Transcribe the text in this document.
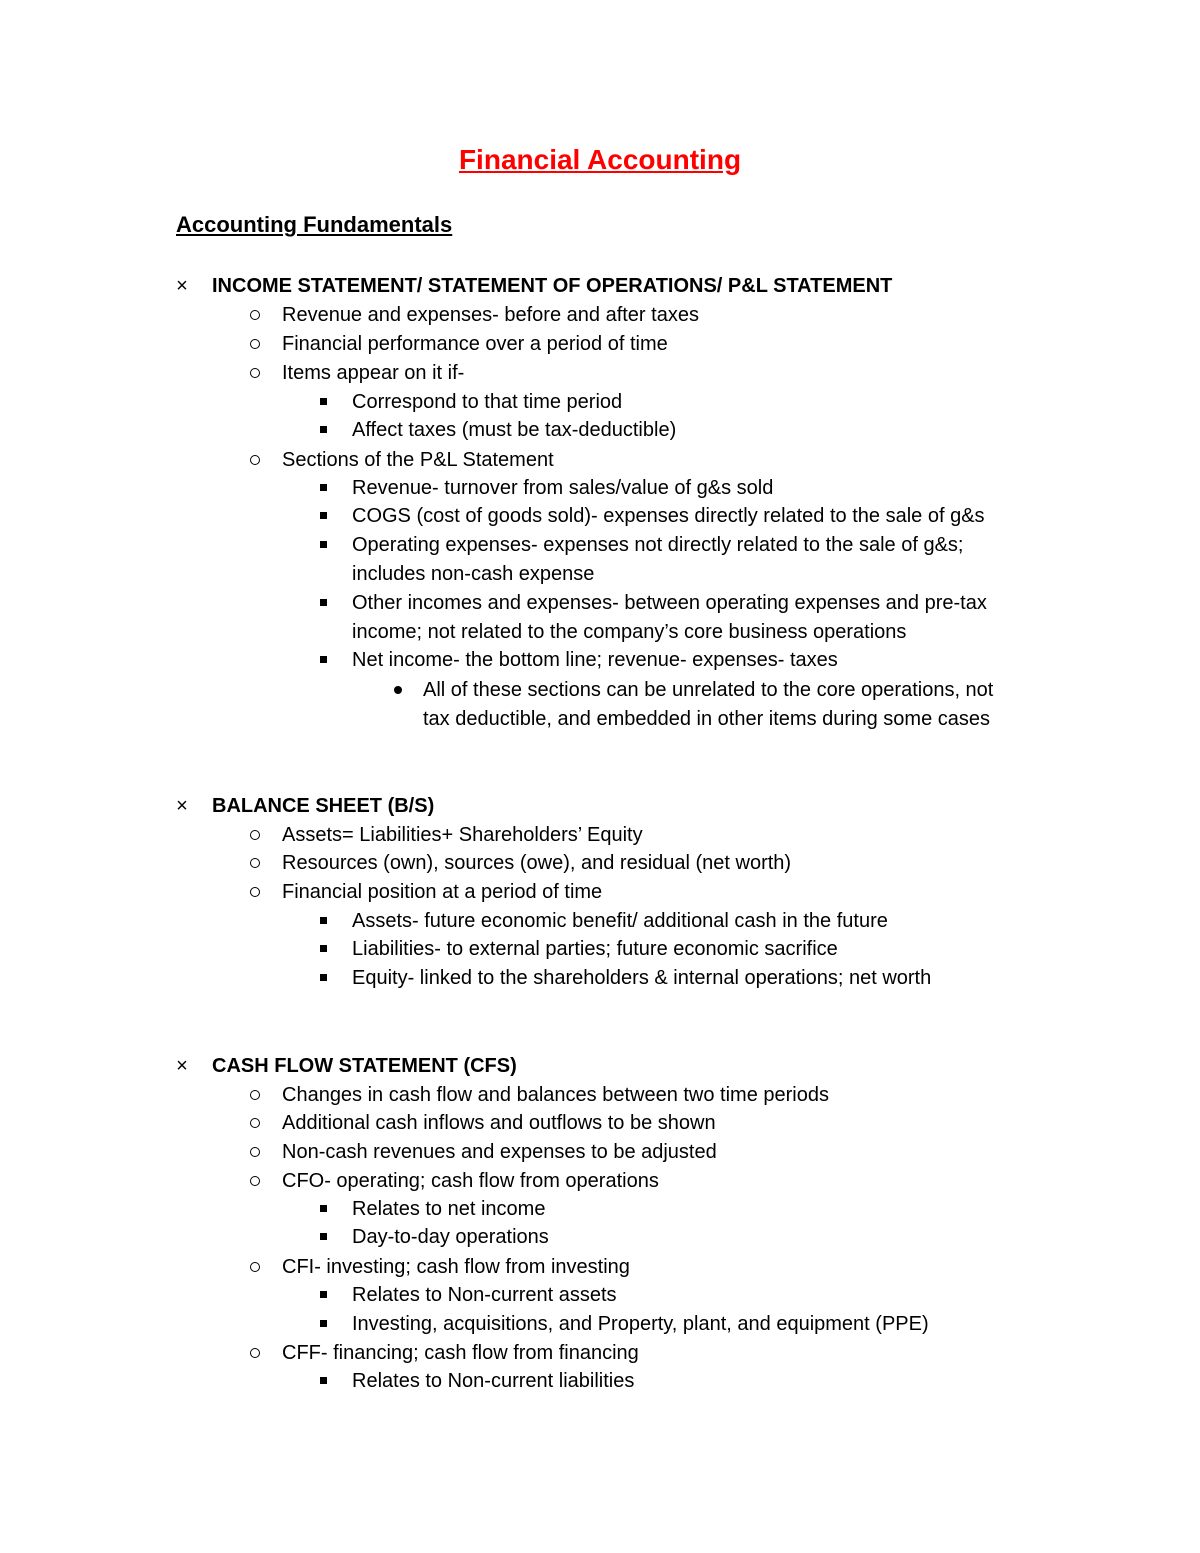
Financial Accounting
Accounting Fundamentals
× INCOME STATEMENT/ STATEMENT OF OPERATIONS/ P&L STATEMENT
Revenue and expenses- before and after taxes
Financial performance over a period of time
Items appear on it if-
Correspond to that time period
Affect taxes (must be tax-deductible)
Sections of the P&L Statement
Revenue- turnover from sales/value of g&s sold
COGS (cost of goods sold)- expenses directly related to the sale of g&s
Operating expenses- expenses not directly related to the sale of g&s;
includes non-cash expense
Other incomes and expenses- between operating expenses and pre-tax
income; not related to the company’s core business operations
Net income- the bottom line; revenue- expenses- taxes
All of these sections can be unrelated to the core operations, not
tax deductible, and embedded in other items during some cases
× BALANCE SHEET (B/S)
Assets= Liabilities+ Shareholders’ Equity
Resources (own), sources (owe), and residual (net worth)
Financial position at a period of time
Assets- future economic benefit/ additional cash in the future
Liabilities- to external parties; future economic sacrifice
Equity- linked to the shareholders & internal operations; net worth
× CASH FLOW STATEMENT (CFS)
Changes in cash flow and balances between two time periods
Additional cash inflows and outflows to be shown
Non-cash revenues and expenses to be adjusted
CFO- operating; cash flow from operations
Relates to net income
Day-to-day operations
CFI- investing; cash flow from investing
Relates to Non-current assets
Investing, acquisitions, and Property, plant, and equipment (PPE)
CFF- financing; cash flow from financing
Relates to Non-current liabilities
